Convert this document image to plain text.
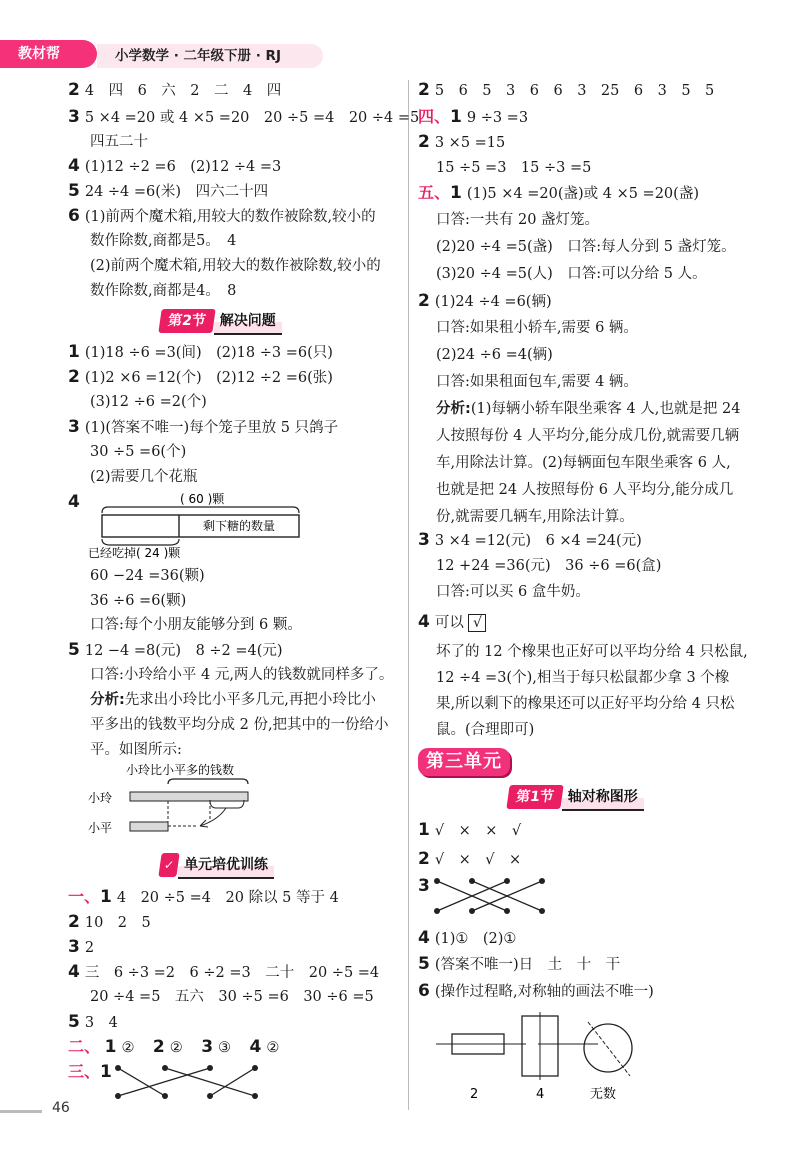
教材帮	小学数学 · 二年级下册 · RJ
2 4　四　6　六　2　二　4　四
3 5 ×4 =20 或 4 ×5 =20　20 ÷5 =4　20 ÷4 =5
四五二十
4 (1)12 ÷2 =6　(2)12 ÷4 =3
5 24 ÷4 =6(米)　四六二十四
6 (1)前两个魔术箱,用较大的数作被除数,较小的
数作除数,商都是5。　4
(2)前两个魔术箱,用较大的数作被除数,较小的
数作除数,商都是4。　8
第2节 解决问题
1 (1)18 ÷6 =3(间)　(2)18 ÷3 =6(只)
2 (1)2 ×6 =12(个)　(2)12 ÷2 =6(张)
(3)12 ÷6 =2(个)
3 (1)(答案不唯一)每个笼子里放 5 只鸽子
30 ÷5 =6(个)
(2)需要几个花瓶
4	( 60 )颗
剩下糖的数量
已经吃掉( 24 )颗
60 −24 =36(颗)
36 ÷6 =6(颗)
口答:每个小朋友能够分到 6 颗。
5 12 −4 =8(元)　8 ÷2 =4(元)
口答:小玲给小平 4 元,两人的钱数就同样多了。
分析:先求出小玲比小平多几元,再把小玲比小
平多出的钱数平均分成 2 份,把其中的一份给小
平。如图所示:
小玲比小平多的钱数
小玲
小平
✓ 单元培优训练
一、1 4　20 ÷5 =4　20 除以 5 等于 4
2 10　2　5
3 2
4 三　6 ÷3 =2　6 ÷2 =3　二十　20 ÷5 =4
20 ÷4 =5　五六　30 ÷5 =6　30 ÷6 =5
5 3　4
二、 1 ② 2 ② 3 ③ 4 ②
三、1
46
2 5　6　5　3　6　6　3　25　6　3　5　5
四、1 9 ÷3 =3
2 3 ×5 =15
15 ÷5 =3　15 ÷3 =5
五、1 (1)5 ×4 =20(盏)或 4 ×5 =20(盏)
口答:一共有 20 盏灯笼。
(2)20 ÷4 =5(盏)　口答:每人分到 5 盏灯笼。
(3)20 ÷4 =5(人)　口答:可以分给 5 人。
2 (1)24 ÷4 =6(辆)
口答:如果租小轿车,需要 6 辆。
(2)24 ÷6 =4(辆)
口答:如果租面包车,需要 4 辆。
分析:(1)每辆小轿车限坐乘客 4 人,也就是把 24
人按照每份 4 人平均分,能分成几份,就需要几辆
车,用除法计算。(2)每辆面包车限坐乘客 6 人,
也就是把 24 人按照每份 6 人平均分,能分成几
份,就需要几辆车,用除法计算。
3 3 ×4 =12(元)　6 ×4 =24(元)
12 +24 =36(元)　36 ÷6 =6(盒)
口答:可以买 6 盒牛奶。
4 可以 √
坏了的 12 个橡果也正好可以平均分给 4 只松鼠,
12 ÷4 =3(个),相当于每只松鼠都少拿 3 个橡
果,所以剩下的橡果还可以正好平均分给 4 只松
鼠。(合理即可)
第三单元
第1节 轴对称图形
1 √　×　×　√
2 √　×　√　×
3
4 (1)①　(2)①
5 (答案不唯一)日　土　十　干
6 (操作过程略,对称轴的画法不唯一)
2	4	无数
